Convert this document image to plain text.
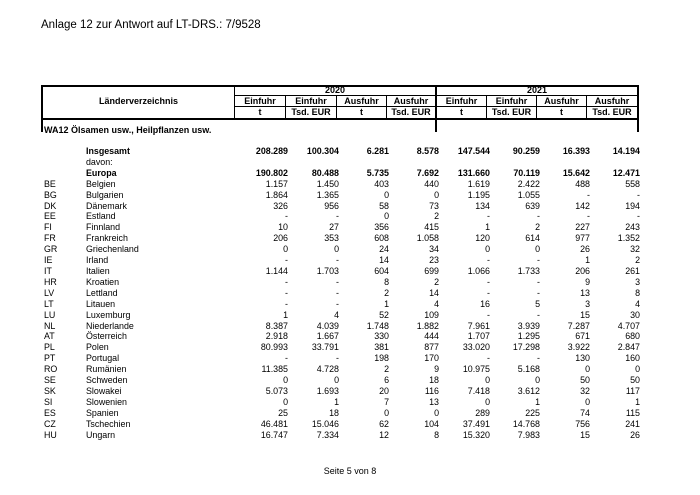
Anlage 12 zur Antwort auf LT-DRS.: 7/9528
2020	2021
Länderverzeichnis	Einfuhr	Einfuhr	Ausfuhr	Ausfuhr	Einfuhr	Einfuhr	Ausfuhr	Ausfuhr
t	Tsd. EUR	t	Tsd. EUR	t	Tsd. EUR	t	Tsd. EUR
WA12 Ölsamen usw., Heilpflanzen usw.
	Insgesamt	208.289	100.304	6.281	8.578	147.544	90.259	16.393	14.194
	davon:								
	Europa	190.802	80.488	5.735	7.692	131.660	70.119	15.642	12.471
BE	Belgien	1.157	1.450	403	440	1.619	2.422	488	558
BG	Bulgarien	1.864	1.365	0	0	1.195	1.055	-	-
DK	Dänemark	326	956	58	73	134	639	142	194
EE	Estland	-	-	0	2	-	-	-	-
FI	Finnland	10	27	356	415	1	2	227	243
FR	Frankreich	206	353	608	1.058	120	614	977	1.352
GR	Griechenland	0	0	24	34	0	0	26	32
IE	Irland	-	-	14	23	-	-	1	2
IT	Italien	1.144	1.703	604	699	1.066	1.733	206	261
HR	Kroatien	-	-	8	2	-	-	9	3
LV	Lettland	-	-	2	14	-	-	13	8
LT	Litauen	-	-	1	4	16	5	3	4
LU	Luxemburg	1	4	52	109	-	-	15	30
NL	Niederlande	8.387	4.039	1.748	1.882	7.961	3.939	7.287	4.707
AT	Österreich	2.918	1.667	330	444	1.707	1.295	671	680
PL	Polen	80.993	33.791	381	877	33.020	17.298	3.922	2.847
PT	Portugal	-	-	198	170	-	-	130	160
RO	Rumänien	11.385	4.728	2	9	10.975	5.168	0	0
SE	Schweden	0	0	6	18	0	0	50	50
SK	Slowakei	5.073	1.693	20	116	7.418	3.612	32	117
SI	Slowenien	0	1	7	13	0	1	0	1
ES	Spanien	25	18	0	0	289	225	74	115
CZ	Tschechien	46.481	15.046	62	104	37.491	14.768	756	241
HU	Ungarn	16.747	7.334	12	8	15.320	7.983	15	26
Seite 5 von 8
